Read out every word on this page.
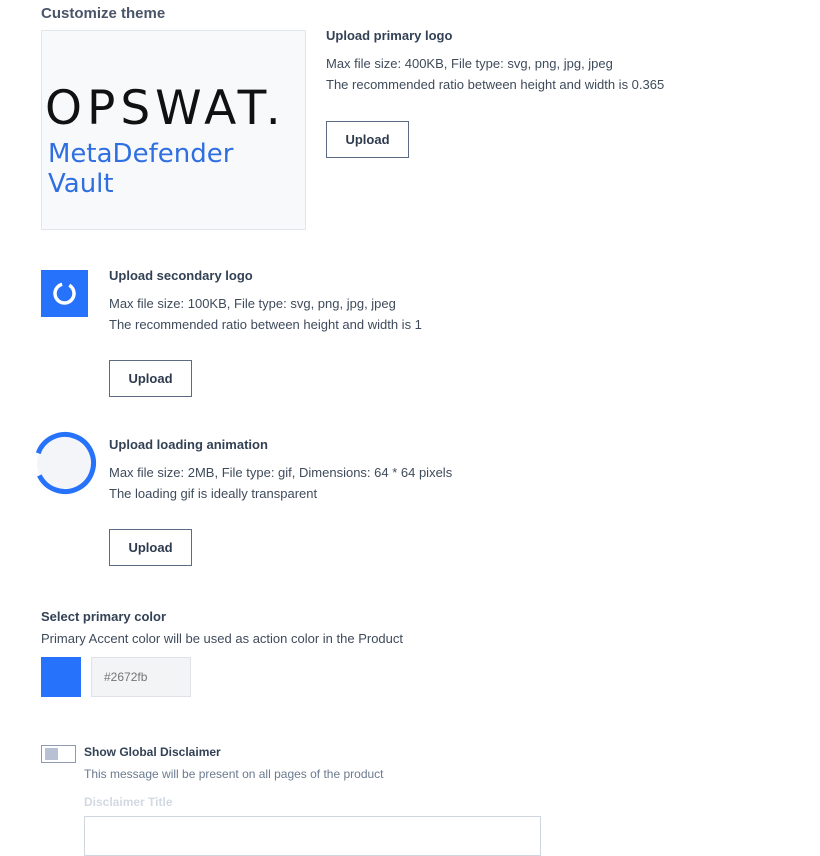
Customize theme
OPSWAT.
MetaDefender Vault
Upload primary logo
Max file size: 400KB, File type: svg, png, jpg, jpeg
The recommended ratio between height and width is 0.365
Upload
Upload secondary logo
Max file size: 100KB, File type: svg, png, jpg, jpeg
The recommended ratio between height and width is 1
Upload
Upload loading animation
Max file size: 2MB, File type: gif, Dimensions: 64 * 64 pixels
The loading gif is ideally transparent
Upload
Select primary color
Primary Accent color will be used as action color in the Product
#2672fb
Show Global Disclaimer
This message will be present on all pages of the product
Disclaimer Title
